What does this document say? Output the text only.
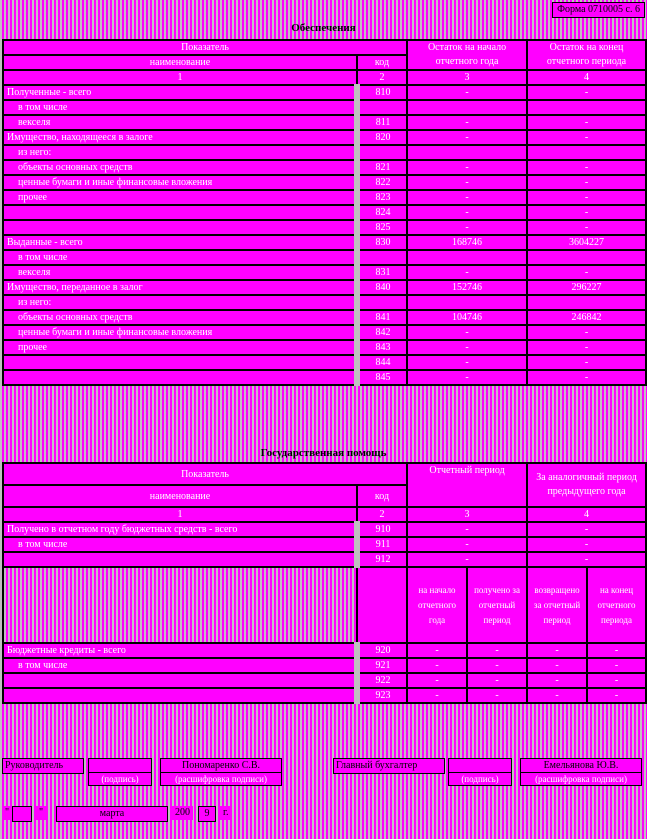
Форма 0710005 с. 6
Обеспечения
Показатель		Остаток на начало отчетного года	Остаток на конец отчетного периода
наименование	код		
1	2	3	4
Полученные - всего	810	-	-
в том числе			
векселя	811	-	-
Имущество, находящееся в залоге	820	-	-
из него:			
объекты основных средств	821	-	-
ценные бумаги и иные финансовые вложения	822	-	-
прочее	823	-	-
	824	-	-
	825	-	-
Выданные - всего	830	168746	3604227
в том числе			
векселя	831	-	-
Имущество, переданное в залог	840	152746	296227
из него:			
объекты основных средств	841	104746	246842
ценные бумаги и иные финансовые вложения	842	-	-
прочее	843	-	-
	844	-	-
	845	-	-
Государственная помощь
Показатель		Отчетный период		За аналогичный период предыдущего года	
наименование	код				
1	2	3		4	
Получено в отчетном году бюджетных средств - всего	910	-		-	
в том числе	911	-		-	
	912	-		-	
		на начало отчетного года	получено за отчетный период	возвращено за отчетный период	на конец отчетного периода
Бюджетные кредиты - всего	920	-	-	-	-
в том числе	921	-	-	-	-
	922	-	-	-	-
	923	-	-	-	-
Руководитель
(подпись)
Пономаренко С.В.
(расшифровка подписи)
Главный бухгалтер
(подпись)
Емельянова Ю.В.
(расшифровка подписи)
"	"	марта	200	9	г.
